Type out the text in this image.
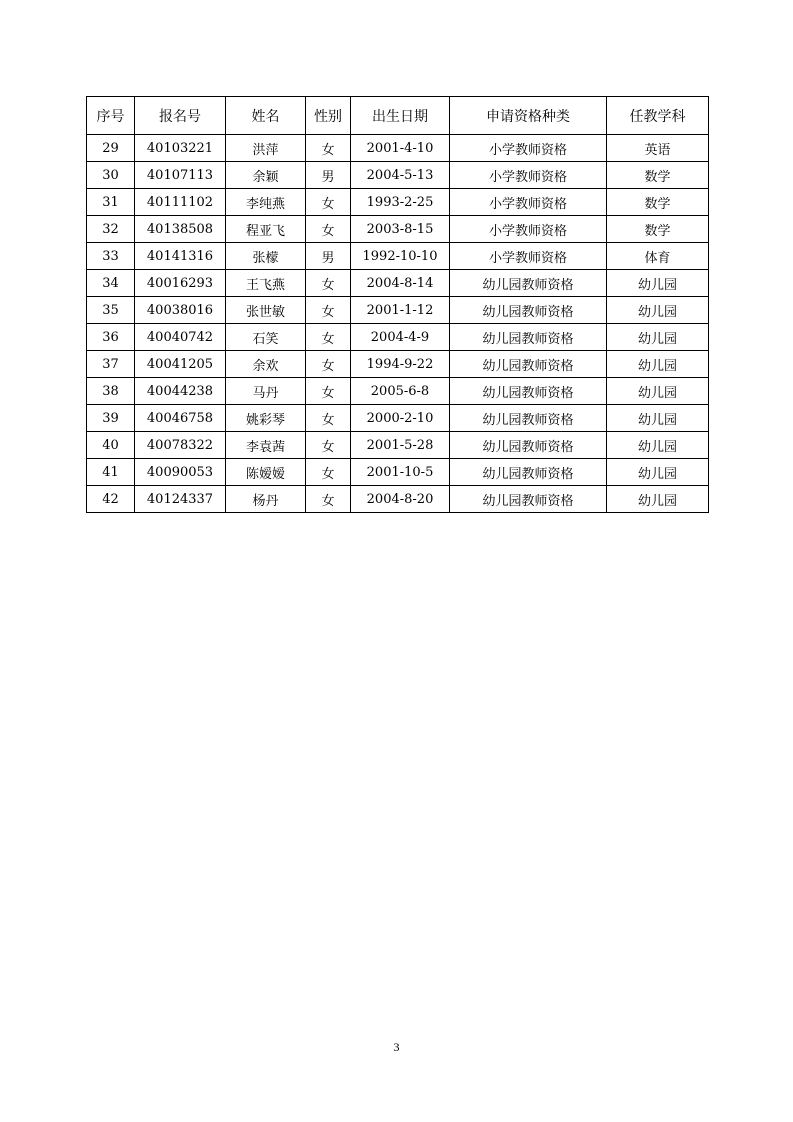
序号	报名号	姓名	性别	出生日期	申请资格种类	任教学科
29	40103221	洪萍	女	2001-4-10	小学教师资格	英语
30	40107113	余颖	男	2004-5-13	小学教师资格	数学
31	40111102	李纯燕	女	1993-2-25	小学教师资格	数学
32	40138508	程亚飞	女	2003-8-15	小学教师资格	数学
33	40141316	张檬	男	1992-10-10	小学教师资格	体育
34	40016293	王飞燕	女	2004-8-14	幼儿园教师资格	幼儿园
35	40038016	张世敏	女	2001-1-12	幼儿园教师资格	幼儿园
36	40040742	石笑	女	2004-4-9	幼儿园教师资格	幼儿园
37	40041205	余欢	女	1994-9-22	幼儿园教师资格	幼儿园
38	40044238	马丹	女	2005-6-8	幼儿园教师资格	幼儿园
39	40046758	姚彩琴	女	2000-2-10	幼儿园教师资格	幼儿园
40	40078322	李袁茜	女	2001-5-28	幼儿园教师资格	幼儿园
41	40090053	陈嫒嫒	女	2001-10-5	幼儿园教师资格	幼儿园
42	40124337	杨丹	女	2004-8-20	幼儿园教师资格	幼儿园
3
